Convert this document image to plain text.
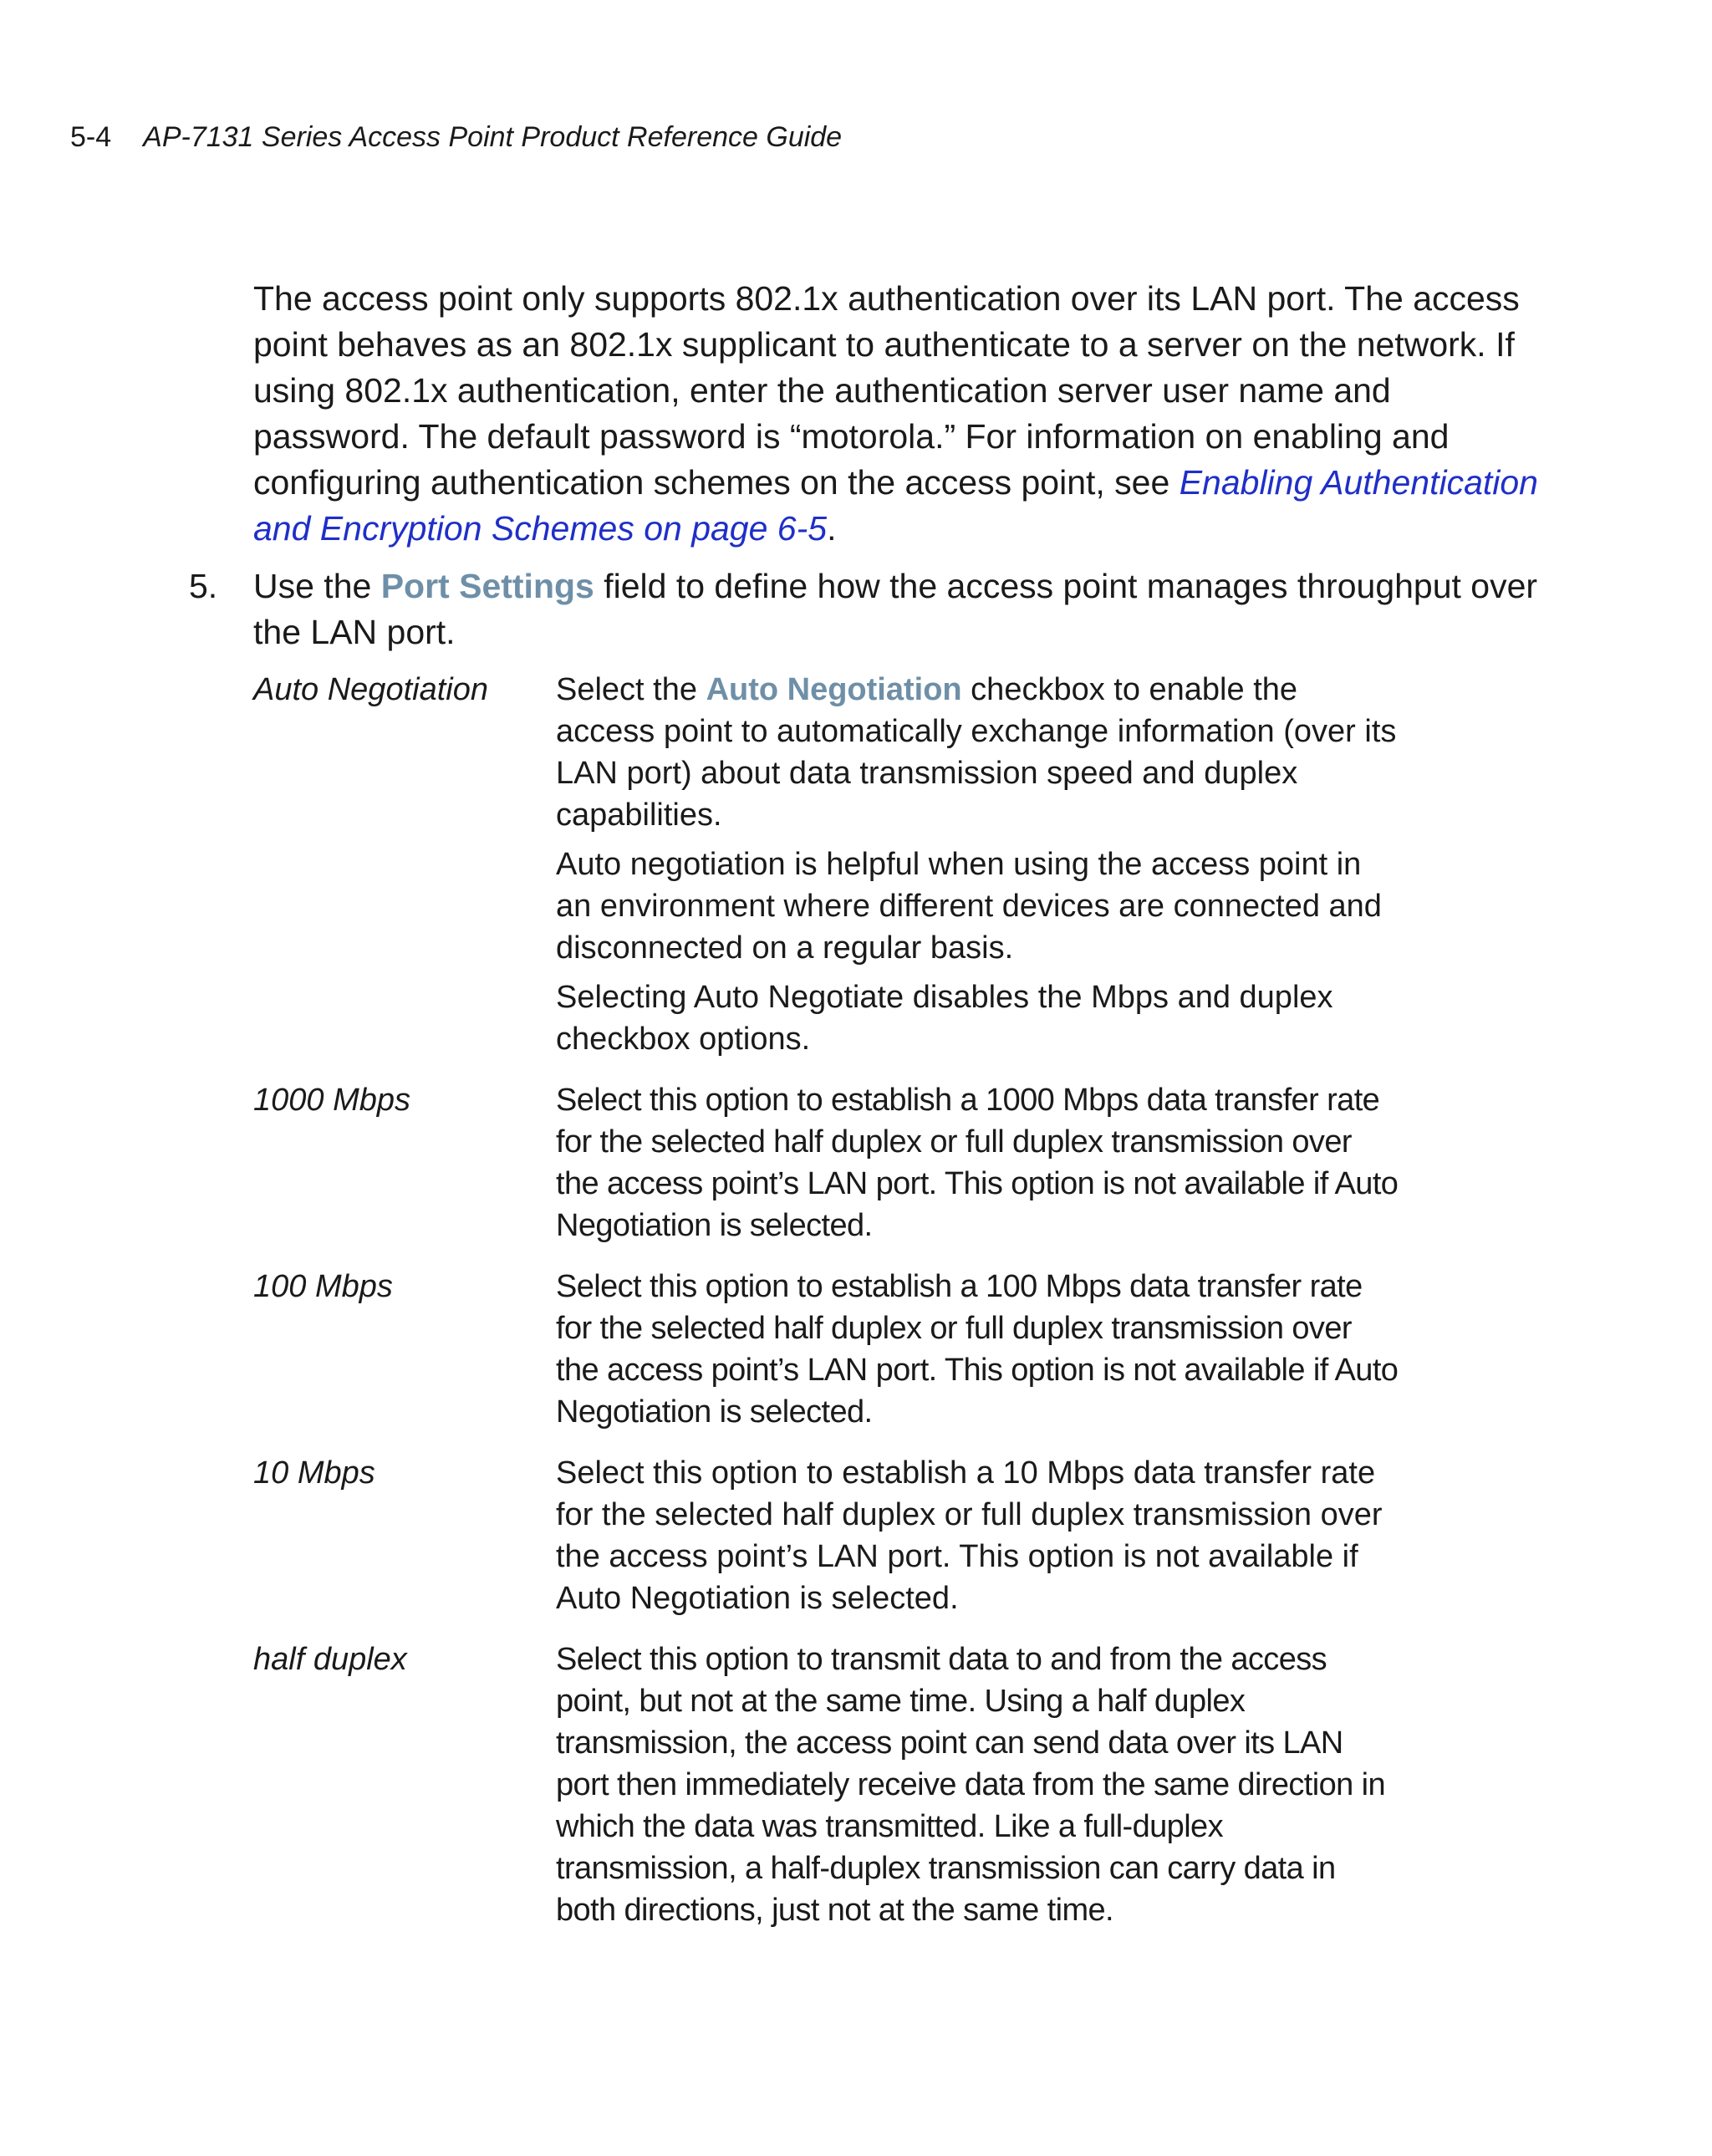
5-4 AP-7131 Series Access Point Product Reference Guide

The access point only supports 802.1x authentication over its LAN port. The access point behaves as an 802.1x supplicant to authenticate to a server on the network. If using 802.1x authentication, enter the authentication server user name and password. The default password is “motorola.” For information on enabling and configuring authentication schemes on the access point, see Enabling Authentication and Encryption Schemes on page 6-5.

5. Use the Port Settings field to define how the access point manages throughput over the LAN port.
Auto Negotiation	Select the Auto Negotiation checkbox to enable the access point to automatically exchange information (over its LAN port) about data transmission speed and duplex capabilities.

Auto negotiation is helpful when using the access point in an environment where different devices are connected and disconnected on a regular basis.

Selecting Auto Negotiate disables the Mbps and duplex checkbox options.

1000 Mbps	Select this option to establish a 1000 Mbps data transfer rate for the selected half duplex or full duplex transmission over the access point’s LAN port. This option is not available if Auto Negotiation is selected.

100 Mbps	Select this option to establish a 100 Mbps data transfer rate for the selected half duplex or full duplex transmission over the access point’s LAN port. This option is not available if Auto Negotiation is selected.

10 Mbps	Select this option to establish a 10 Mbps data transfer rate for the selected half duplex or full duplex transmission over the access point’s LAN port. This option is not available if Auto Negotiation is selected.

half duplex	Select this option to transmit data to and from the access point, but not at the same time. Using a half duplex transmission, the access point can send data over its LAN port then immediately receive data from the same direction in which the data was transmitted. Like a full-duplex transmission, a half-duplex transmission can carry data in both directions, just not at the same time.
